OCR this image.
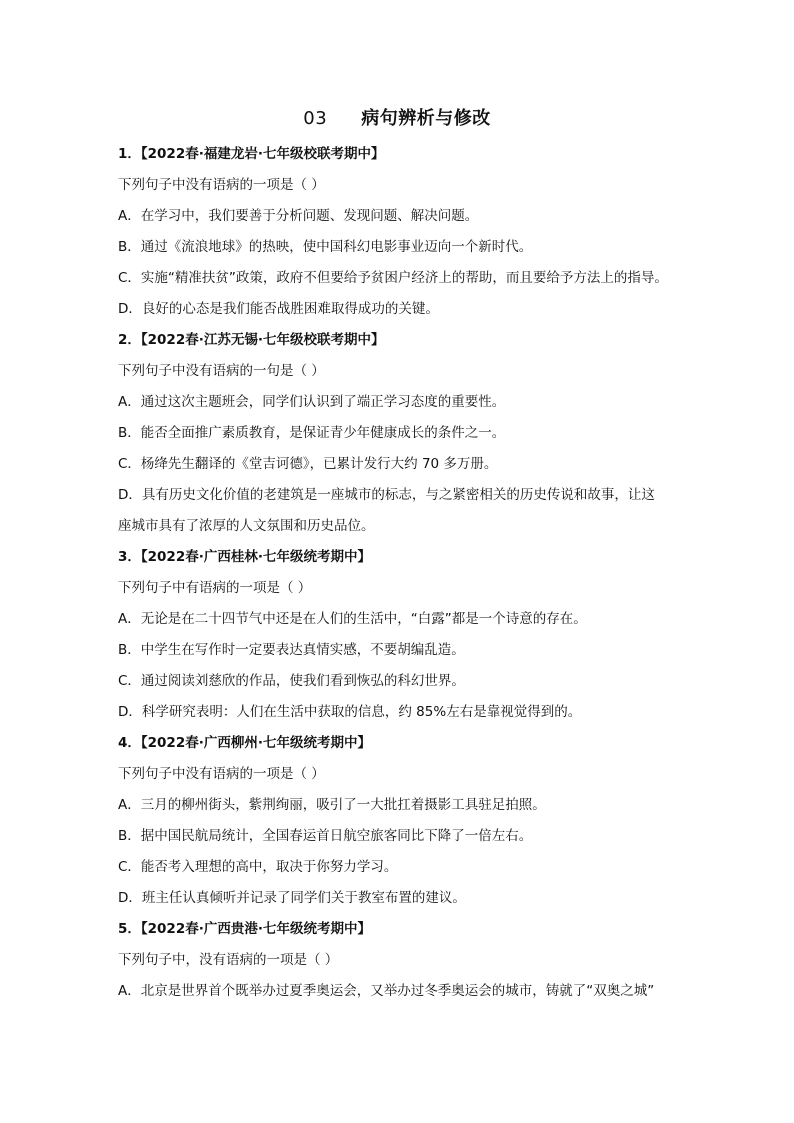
03 病句辨析与修改
1．【2022春·福建龙岩·七年级校联考期中】
下列句子中没有语病的一项是（ ）
A．在学习中，我们要善于分析问题、发现问题、解决问题。
B．通过《流浪地球》的热映，使中国科幻电影事业迈向一个新时代。
C．实施“精准扶贫”政策，政府不但要给予贫困户经济上的帮助，而且要给予方法上的指导。
D．良好的心态是我们能否战胜困难取得成功的关键。
2．【2022春·江苏无锡·七年级校联考期中】
下列句子中没有语病的一句是（ ）
A．通过这次主题班会，同学们认识到了端正学习态度的重要性。
B．能否全面推广素质教育，是保证青少年健康成长的条件之一。
C．杨绛先生翻译的《堂吉诃德》，已累计发行大约 70 多万册。
D．具有历史文化价值的老建筑是一座城市的标志，与之紧密相关的历史传说和故事，让这
座城市具有了浓厚的人文氛围和历史品位。
3．【2022春·广西桂林·七年级统考期中】
下列句子中有语病的一项是（ ）
A．无论是在二十四节气中还是在人们的生活中，“白露”都是一个诗意的存在。
B．中学生在写作时一定要表达真情实感，不要胡编乱造。
C．通过阅读刘慈欣的作品，使我们看到恢弘的科幻世界。
D．科学研究表明：人们在生活中获取的信息，约 85%左右是靠视觉得到的。
4．【2022春·广西柳州·七年级统考期中】
下列句子中没有语病的一项是（ ）
A．三月的柳州街头，紫荆绚丽，吸引了一大批扛着摄影工具驻足拍照。
B．据中国民航局统计，全国春运首日航空旅客同比下降了一倍左右。
C．能否考入理想的高中，取决于你努力学习。
D．班主任认真倾听并记录了同学们关于教室布置的建议。
5．【2022春·广西贵港·七年级统考期中】
下列句子中，没有语病的一项是（ ）
A．北京是世界首个既举办过夏季奥运会，又举办过冬季奥运会的城市，铸就了“双奥之城”
